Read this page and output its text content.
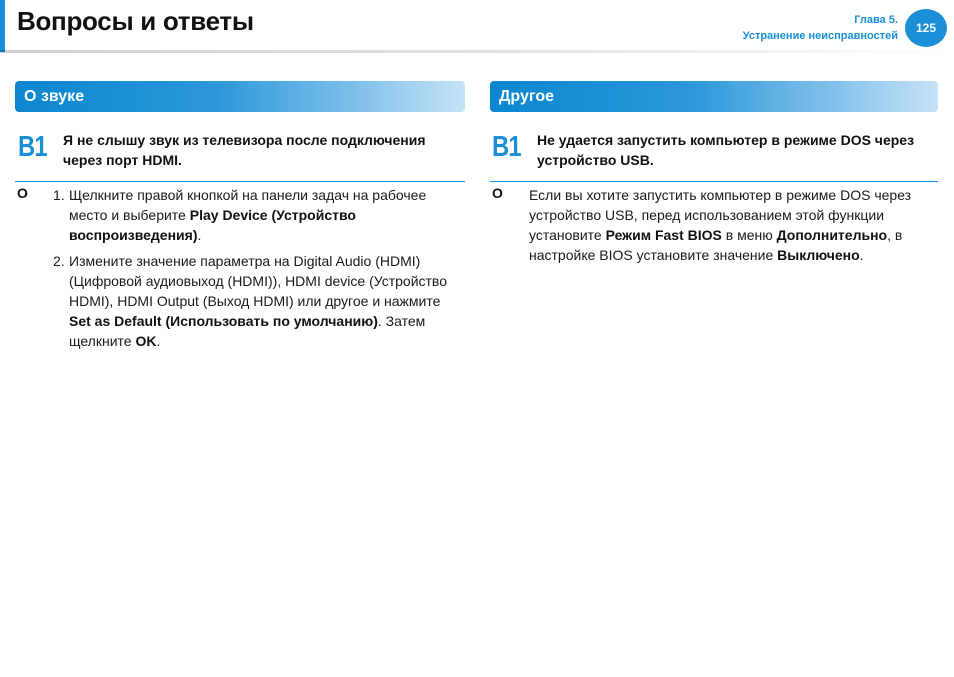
Вопросы и ответы	Глава 5.
Устранение неисправностей
125
О звуке
B1 Я не слышу звук из телевизора после подключения через порт HDMI.
O 1. Щелкните правой кнопкой на панели задач на рабочее место и выберите Play Device (Устройство воспроизведения).
2. Измените значение параметра на Digital Audio (HDMI) (Цифровой аудиовыход (HDMI)), HDMI device (Устройство HDMI), HDMI Output (Выход HDMI) или другое и нажмите Set as Default (Использовать по умолчанию). Затем щелкните OK.
Другое
B1 Не удается запустить компьютер в режиме DOS через устройство USB.
O Если вы хотите запустить компьютер в режиме DOS через устройство USB, перед использованием этой функции установите Режим Fast BIOS в меню Дополнительно, в настройке BIOS установите значение Выключено.
